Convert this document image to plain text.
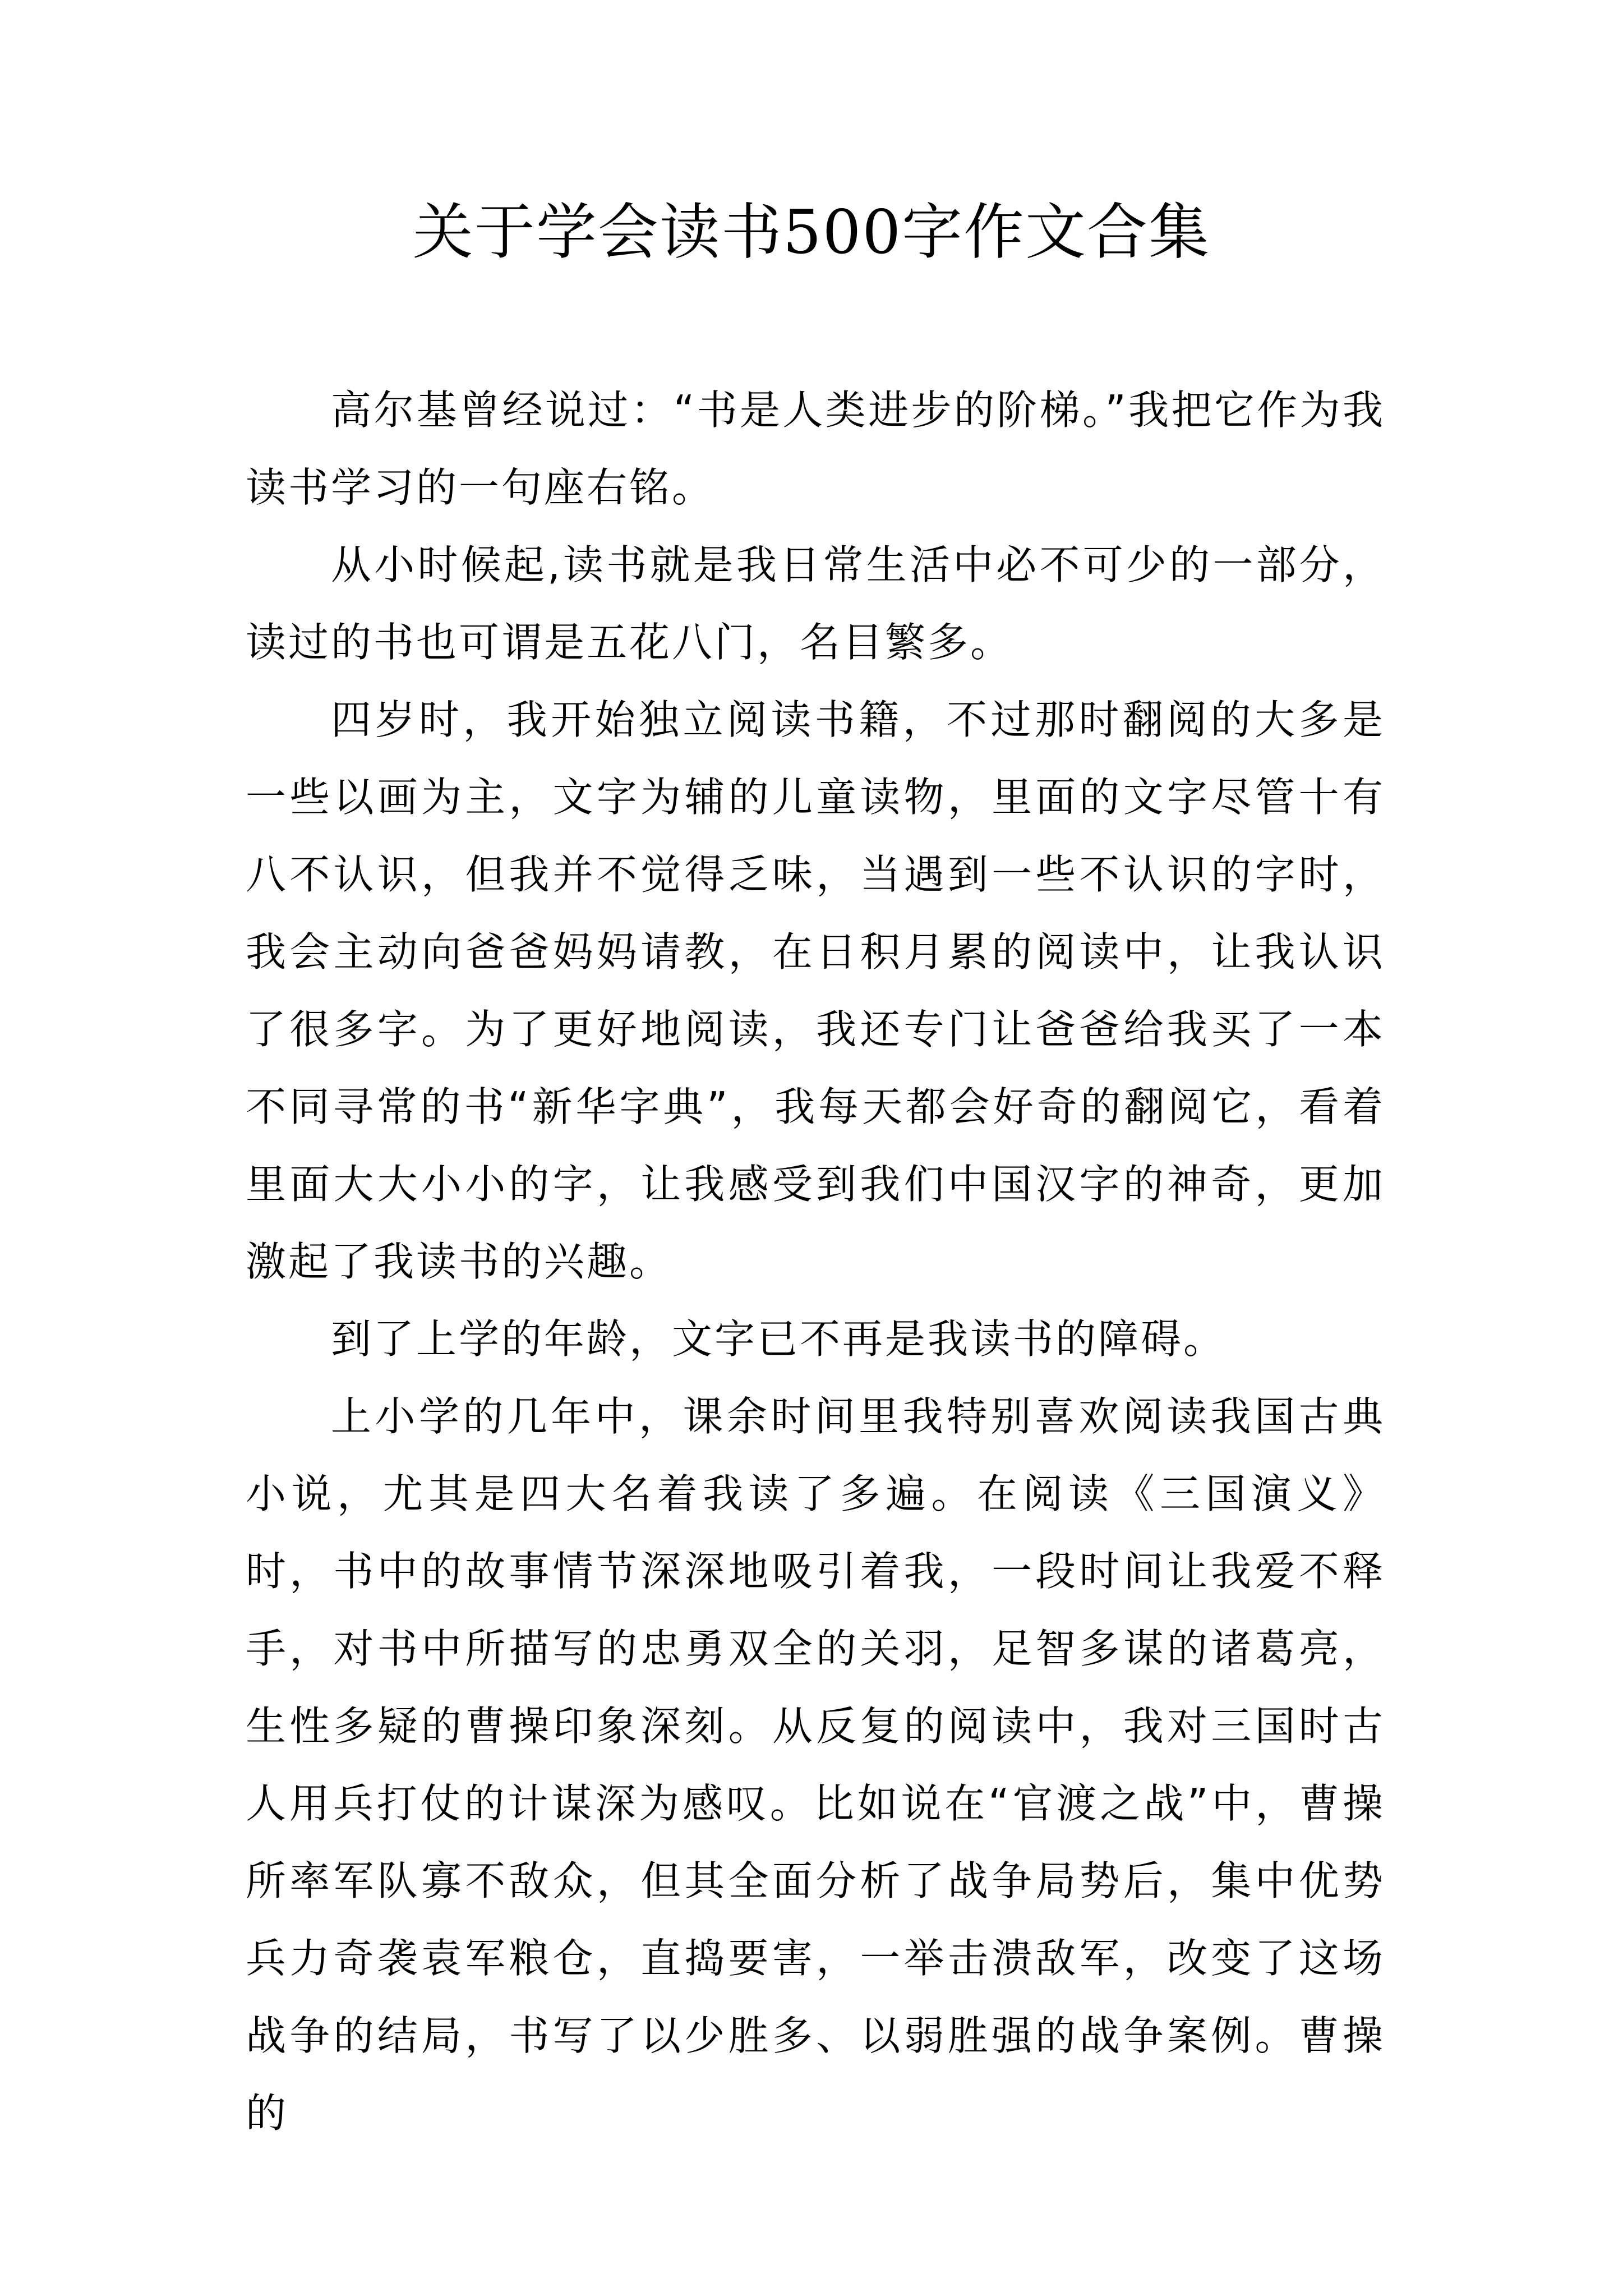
关于学会读书500字作文合集

高尔基曾经说过：“书是人类进步的阶梯。”我把它作为我读书学习的一句座右铭。

从小时候起,读书就是我日常生活中必不可少的一部分，读过的书也可谓是五花八门，名目繁多。

四岁时，我开始独立阅读书籍，不过那时翻阅的大多是一些以画为主，文字为辅的儿童读物，里面的文字尽管十有八不认识，但我并不觉得乏味，当遇到一些不认识的字时，我会主动向爸爸妈妈请教，在日积月累的阅读中，让我认识了很多字。为了更好地阅读，我还专门让爸爸给我买了一本不同寻常的书“新华字典”，我每天都会好奇的翻阅它，看着里面大大小小的字，让我感受到我们中国汉字的神奇，更加激起了我读书的兴趣。

到了上学的年龄，文字已不再是我读书的障碍。

上小学的几年中，课余时间里我特别喜欢阅读我国古典小说，尤其是四大名着我读了多遍。在阅读《三国演义》时，书中的故事情节深深地吸引着我，一段时间让我爱不释手，对书中所描写的忠勇双全的关羽，足智多谋的诸葛亮，生性多疑的曹操印象深刻。从反复的阅读中，我对三国时古人用兵打仗的计谋深为感叹。比如说在“官渡之战”中，曹操所率军队寡不敌众，但其全面分析了战争局势后，集中优势兵力奇袭袁军粮仓，直捣要害，一举击溃敌军，改变了这场战争的结局，书写了以少胜多、以弱胜强的战争案例。曹操的
